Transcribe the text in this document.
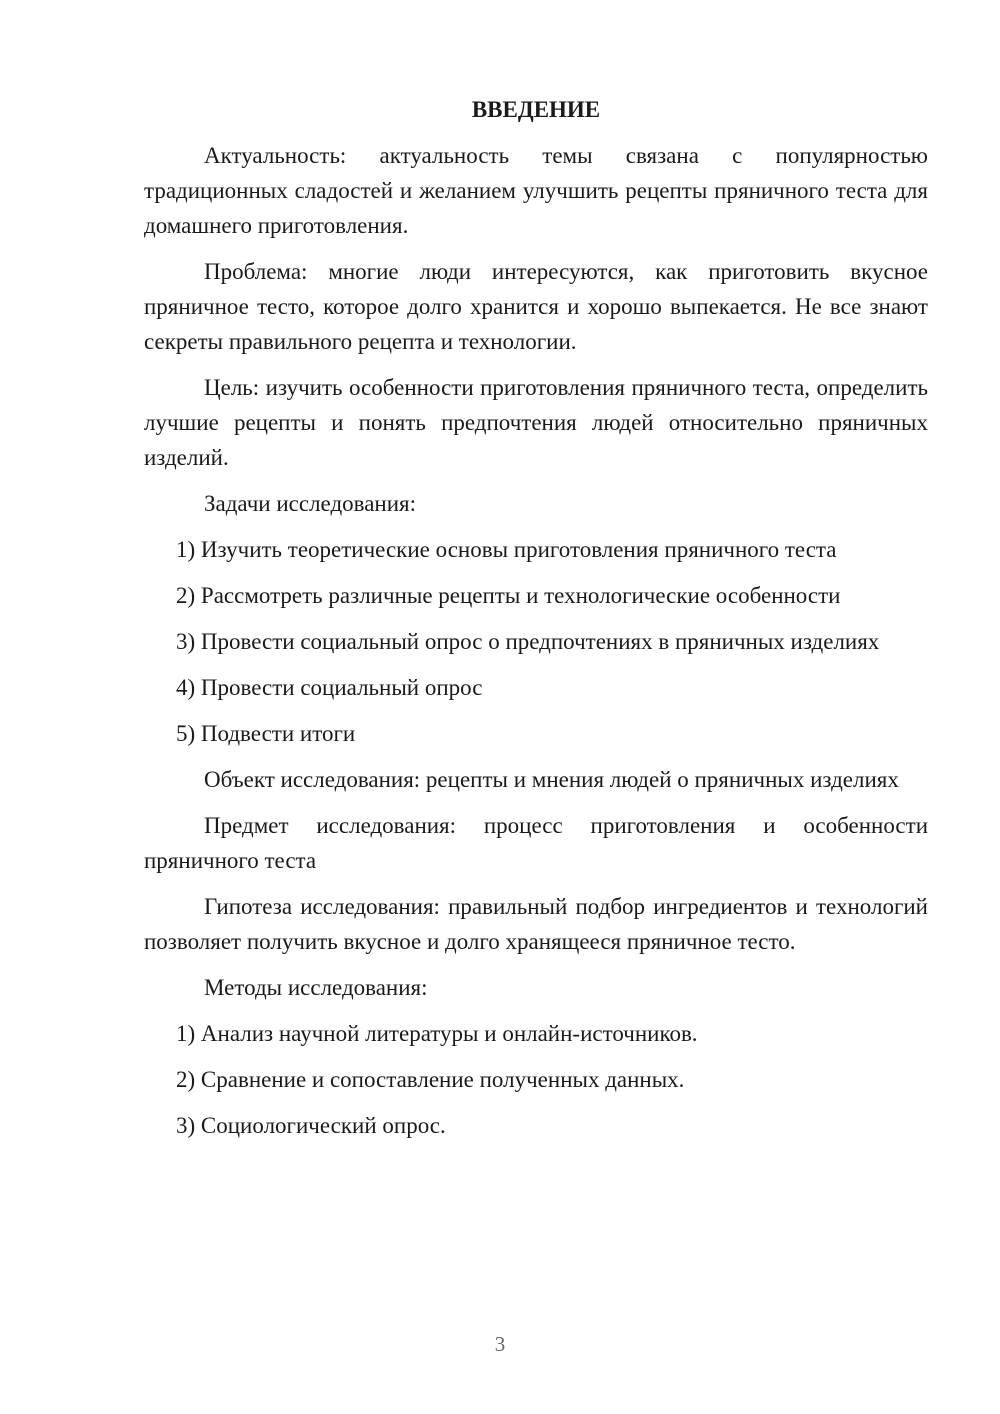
ВВЕДЕНИЕ

Актуальность: актуальность темы связана с популярностью традиционных сладостей и желанием улучшить рецепты пряничного теста для домашнего приготовления.

Проблема: многие люди интересуются, как приготовить вкусное пряничное тесто, которое долго хранится и хорошо выпекается. Не все знают секреты правильного рецепта и технологии.

Цель: изучить особенности приготовления пряничного теста, определить лучшие рецепты и понять предпочтения людей относительно пряничных изделий.

Задачи исследования:

1) Изучить теоретические основы приготовления пряничного теста

2) Рассмотреть различные рецепты и технологические особенности

3) Провести социальный опрос о предпочтениях в пряничных изделиях

4) Провести социальный опрос

5) Подвести итоги

Объект исследования: рецепты и мнения людей о пряничных изделиях

Предмет исследования: процесс приготовления и особенности пряничного теста

Гипотеза исследования: правильный подбор ингредиентов и технологий позволяет получить вкусное и долго хранящееся пряничное тесто.

Методы исследования:

1) Анализ научной литературы и онлайн-источников.

2) Сравнение и сопоставление полученных данных.

3) Социологический опрос.

3
